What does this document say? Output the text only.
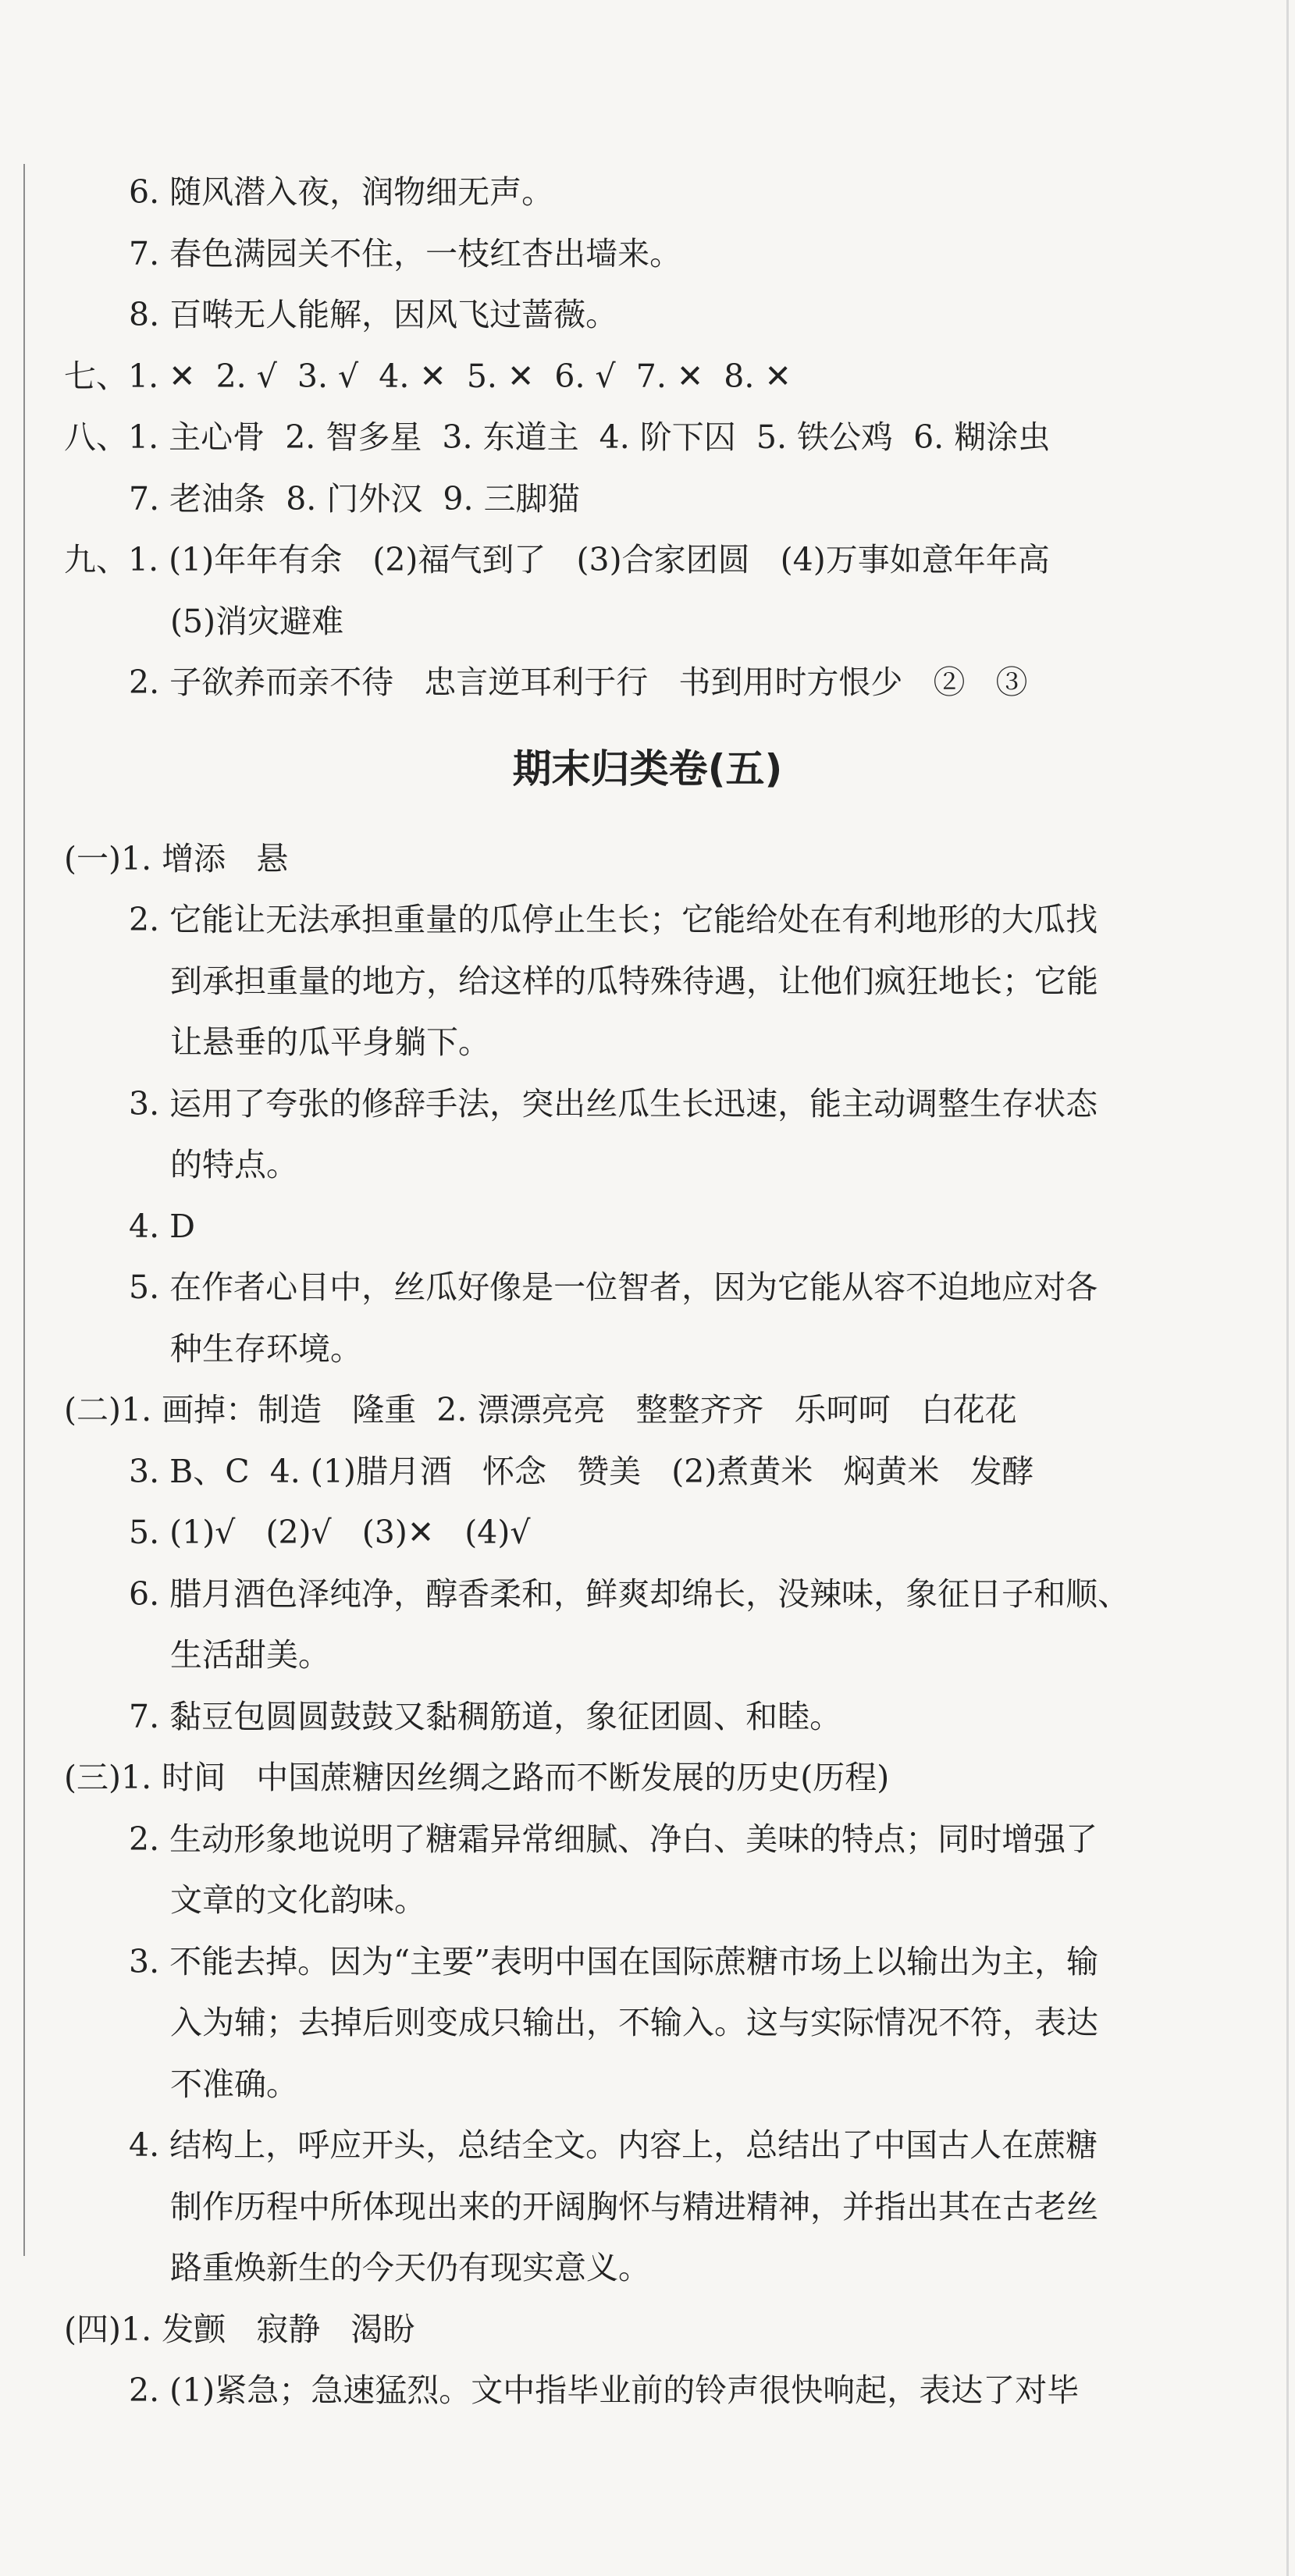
6. 随风潜入夜，润物细无声。
7. 春色满园关不住，一枝红杏出墙来。
8. 百啭无人能解，因风飞过蔷薇。
七、1. ✕  2. √  3. √  4. ✕  5. ✕  6. √  7. ✕  8. ✕
八、1. 主心骨  2. 智多星  3. 东道主  4. 阶下囚  5. 铁公鸡  6. 糊涂虫
7. 老油条  8. 门外汉  9. 三脚猫
九、1. (1)年年有余   (2)福气到了   (3)合家团圆   (4)万事如意年年高
(5)消灾避难
2. 子欲养而亲不待   忠言逆耳利于行   书到用时方恨少   ②   ③
期末归类卷(五)
(一)1. 增添   悬
2. 它能让无法承担重量的瓜停止生长；它能给处在有利地形的大瓜找
到承担重量的地方，给这样的瓜特殊待遇，让他们疯狂地长；它能
让悬垂的瓜平身躺下。
3. 运用了夸张的修辞手法，突出丝瓜生长迅速，能主动调整生存状态
的特点。
4. D
5. 在作者心目中，丝瓜好像是一位智者，因为它能从容不迫地应对各
种生存环境。
(二)1. 画掉：制造   隆重  2. 漂漂亮亮   整整齐齐   乐呵呵   白花花
3. B、C  4. (1)腊月酒   怀念   赞美   (2)煮黄米   焖黄米   发酵
5. (1)√   (2)√   (3)✕   (4)√
6. 腊月酒色泽纯净，醇香柔和，鲜爽却绵长，没辣味，象征日子和顺、
生活甜美。
7. 黏豆包圆圆鼓鼓又黏稠筋道，象征团圆、和睦。
(三)1. 时间   中国蔗糖因丝绸之路而不断发展的历史(历程)
2. 生动形象地说明了糖霜异常细腻、净白、美味的特点；同时增强了
文章的文化韵味。
3. 不能去掉。因为“主要”表明中国在国际蔗糖市场上以输出为主，输
入为辅；去掉后则变成只输出，不输入。这与实际情况不符，表达
不准确。
4. 结构上，呼应开头，总结全文。内容上，总结出了中国古人在蔗糖
制作历程中所体现出来的开阔胸怀与精进精神，并指出其在古老丝
路重焕新生的今天仍有现实意义。
(四)1. 发颤   寂静   渴盼
2. (1)紧急；急速猛烈。文中指毕业前的铃声很快响起，表达了对毕
